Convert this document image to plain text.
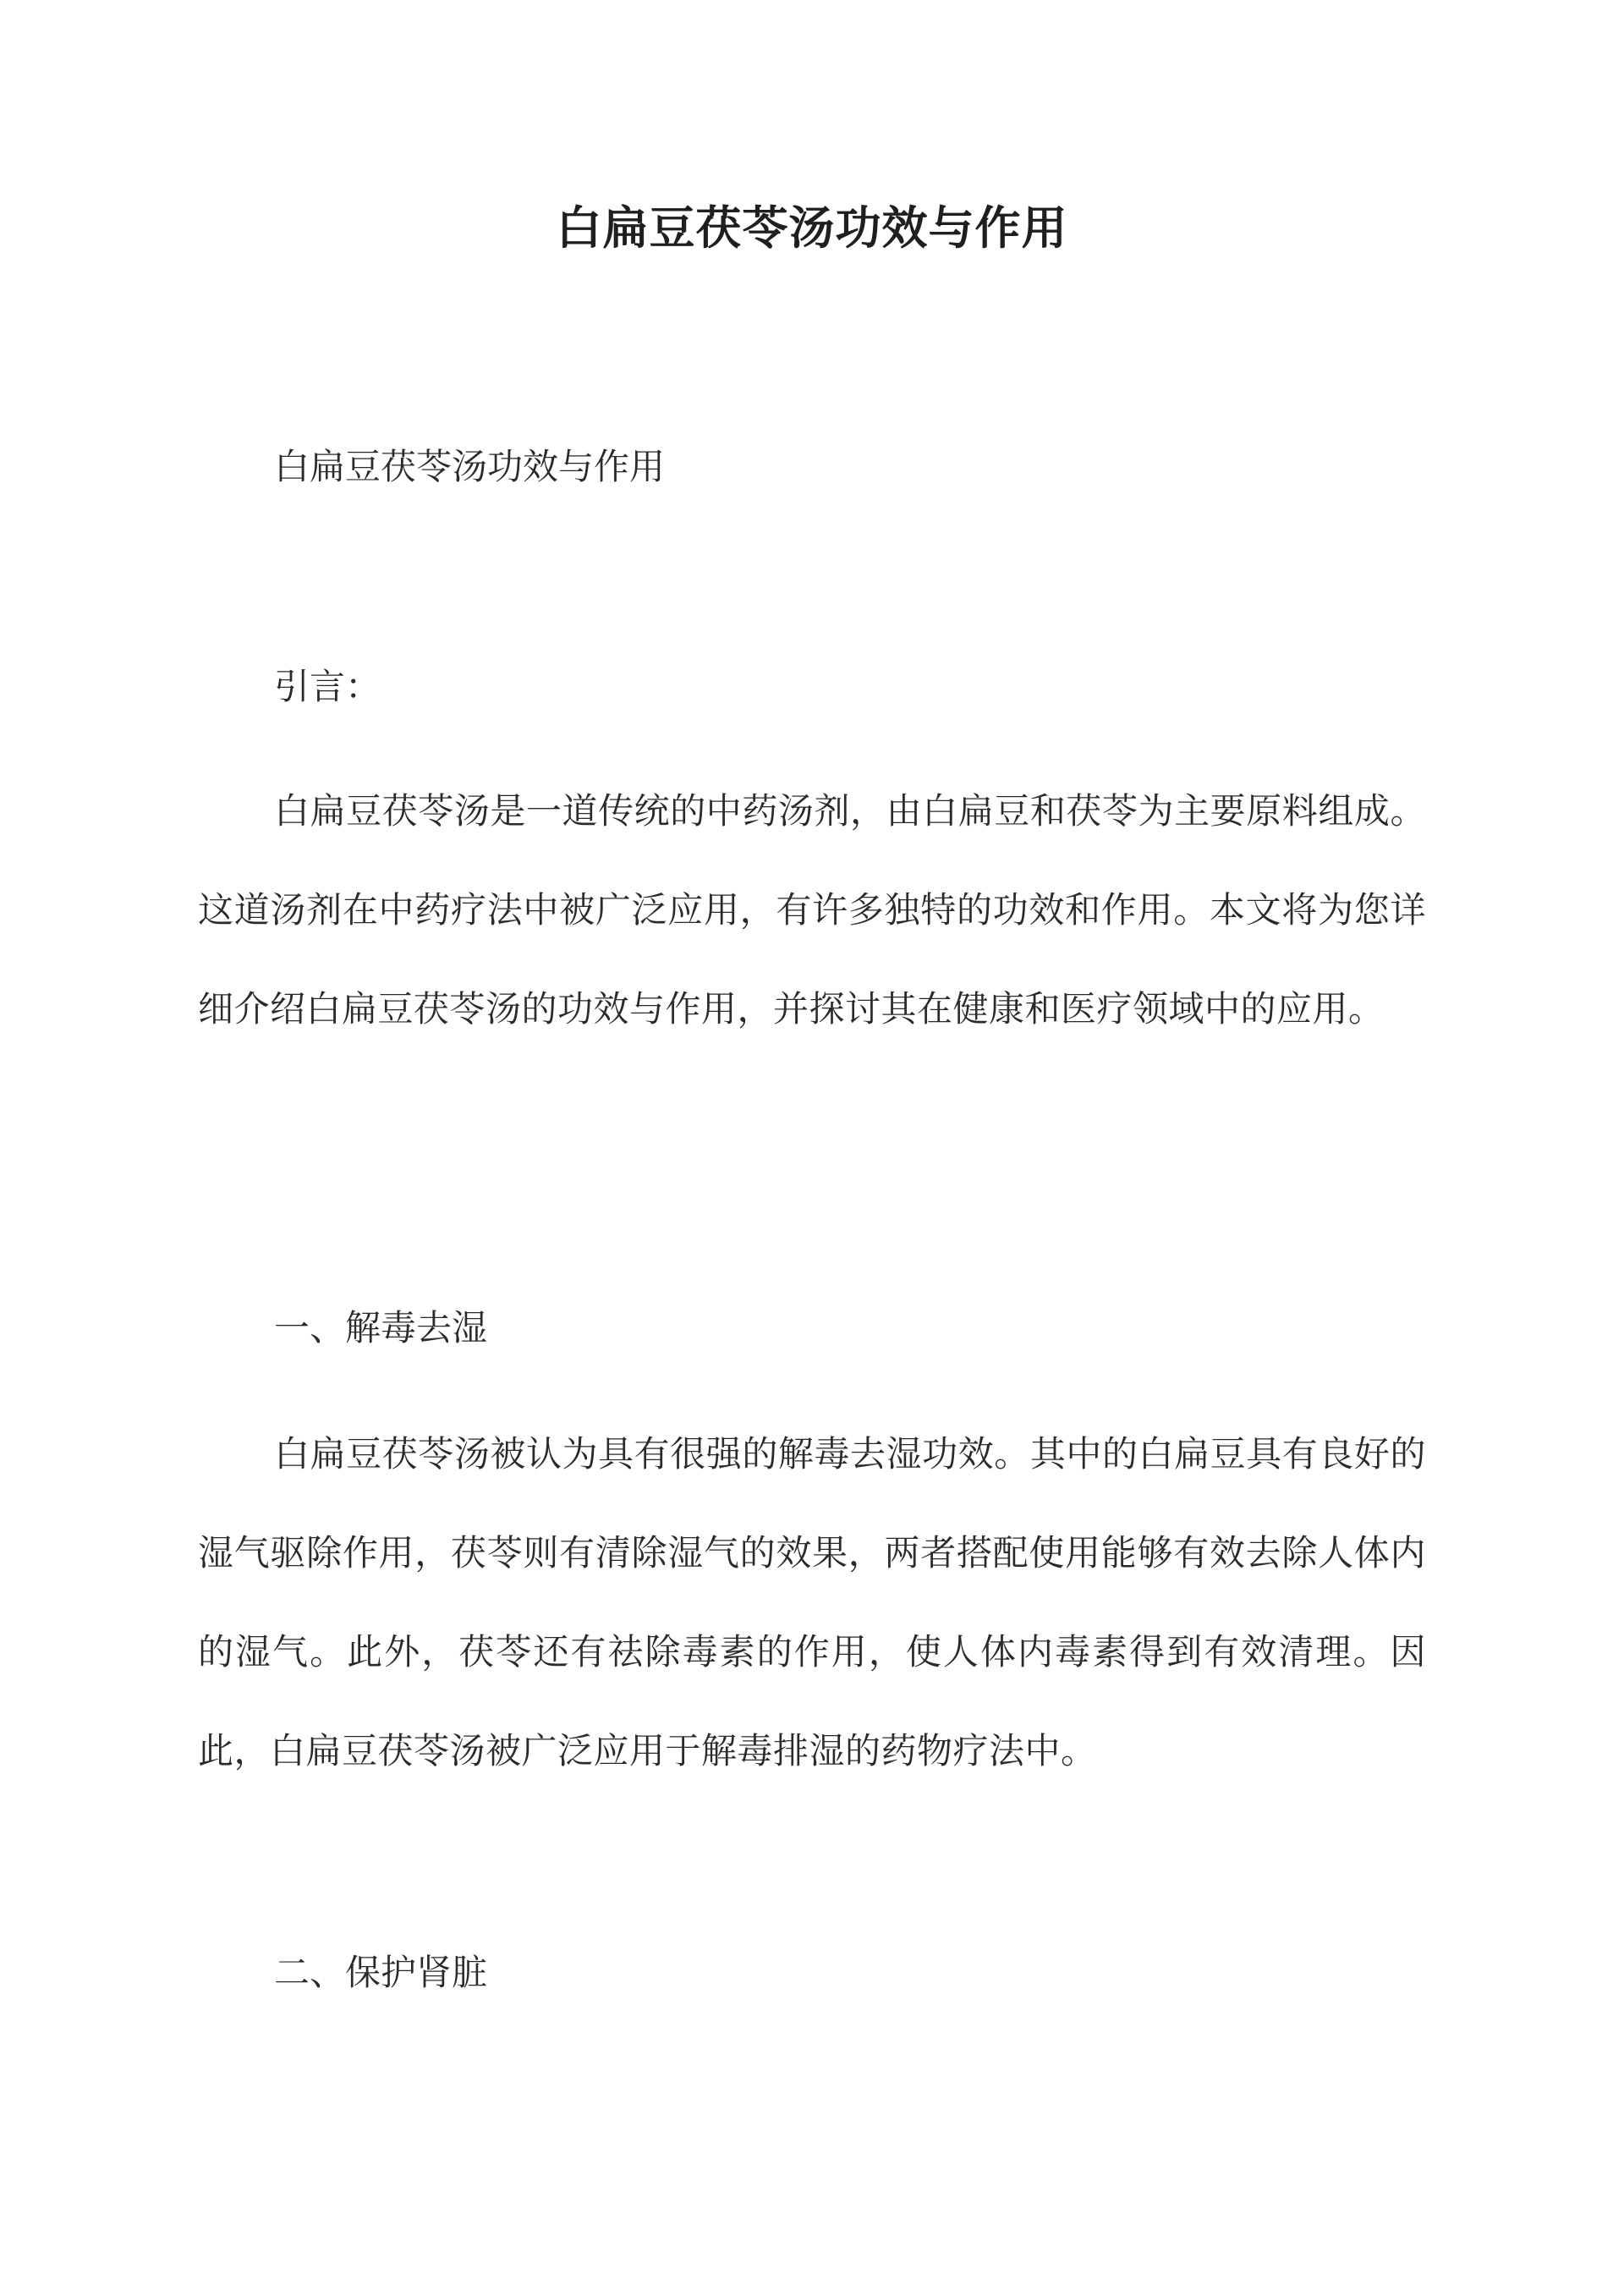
白扁豆茯苓汤功效与作用
白扁豆茯苓汤功效与作用
引言：
白扁豆茯苓汤是一道传统的中药汤剂，由白扁豆和茯苓为主要原料组成。这道汤剂在中药疗法中被广泛应用，有许多独特的功效和作用。本文将为您详细介绍白扁豆茯苓汤的功效与作用，并探讨其在健康和医疗领域中的应用。
一、解毒去湿
白扁豆茯苓汤被认为具有很强的解毒去湿功效。其中的白扁豆具有良好的湿气驱除作用，茯苓则有清除湿气的效果，两者搭配使用能够有效去除人体内的湿气。此外，茯苓还有祛除毒素的作用，使人体内毒素得到有效清理。因此，白扁豆茯苓汤被广泛应用于解毒排湿的药物疗法中。
二、保护肾脏
